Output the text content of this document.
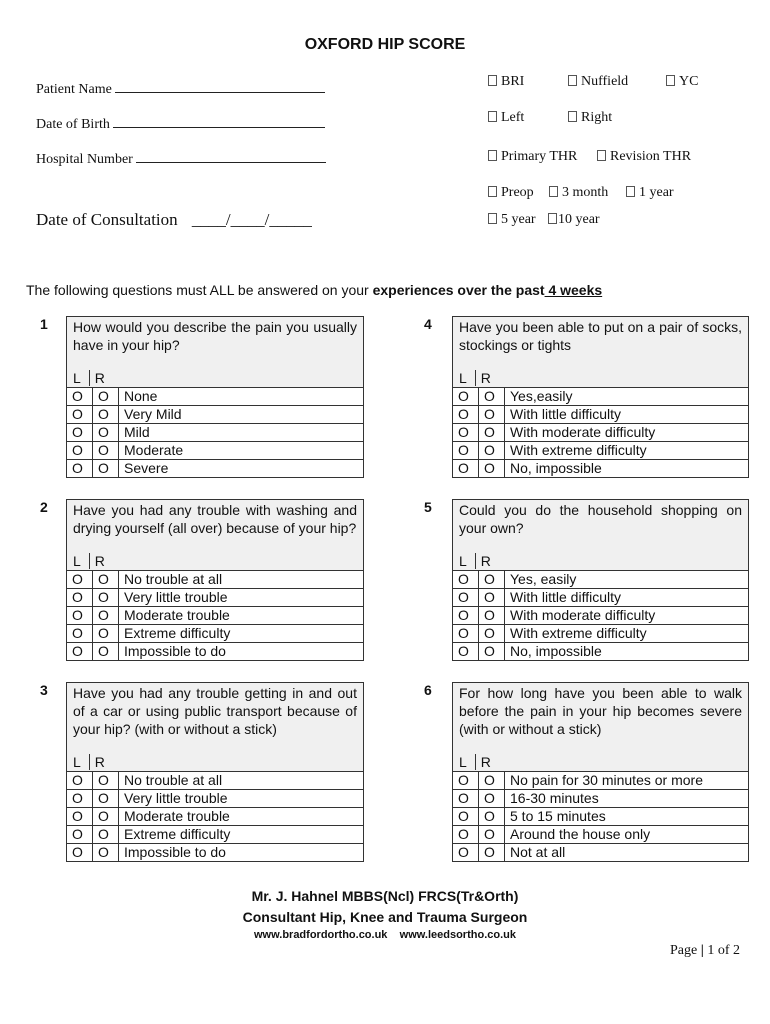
OXFORD HIP SCORE
Patient Name
Date of Birth
Hospital Number
Date of Consultation ____/____/_____
BRI	Nuffield	YC
Left	Right
Primary THR	Revision THR
Preop	3 month	1 year
5 year	10 year
The following questions must ALL be answered on your experiences over the past 4 weeks
1 How would you describe the pain you usually have in your hip?
L R
O	O	None
O	O	Very Mild
O	O	Mild
O	O	Moderate
O	O	Severe
2 Have you had any trouble with washing and drying yourself (all over) because of your hip?
L R
O	O	No trouble at all
O	O	Very little trouble
O	O	Moderate trouble
O	O	Extreme difficulty
O	O	Impossible to do
3 Have you had any trouble getting in and out of a car or using public transport because of your hip? (with or without a stick)
L R
O	O	No trouble at all
O	O	Very little trouble
O	O	Moderate trouble
O	O	Extreme difficulty
O	O	Impossible to do
4 Have you been able to put on a pair of socks, stockings or tights
L R
O	O	Yes,easily
O	O	With little difficulty
O	O	With moderate difficulty
O	O	With extreme difficulty
O	O	No, impossible
5 Could you do the household shopping on your own?
L R
O	O	Yes, easily
O	O	With little difficulty
O	O	With moderate difficulty
O	O	With extreme difficulty
O	O	No, impossible
6 For how long have you been able to walk before the pain in your hip becomes severe (with or without a stick)
L R
O	O	No pain for 30 minutes or more
O	O	16-30 minutes
O	O	5 to 15 minutes
O	O	Around the house only
O	O	Not at all
Mr. J. Hahnel MBBS(Ncl) FRCS(Tr&Orth)
Consultant Hip, Knee and Trauma Surgeon
www.bradfordortho.co.uk    www.leedsortho.co.uk
Page | 1 of 2
